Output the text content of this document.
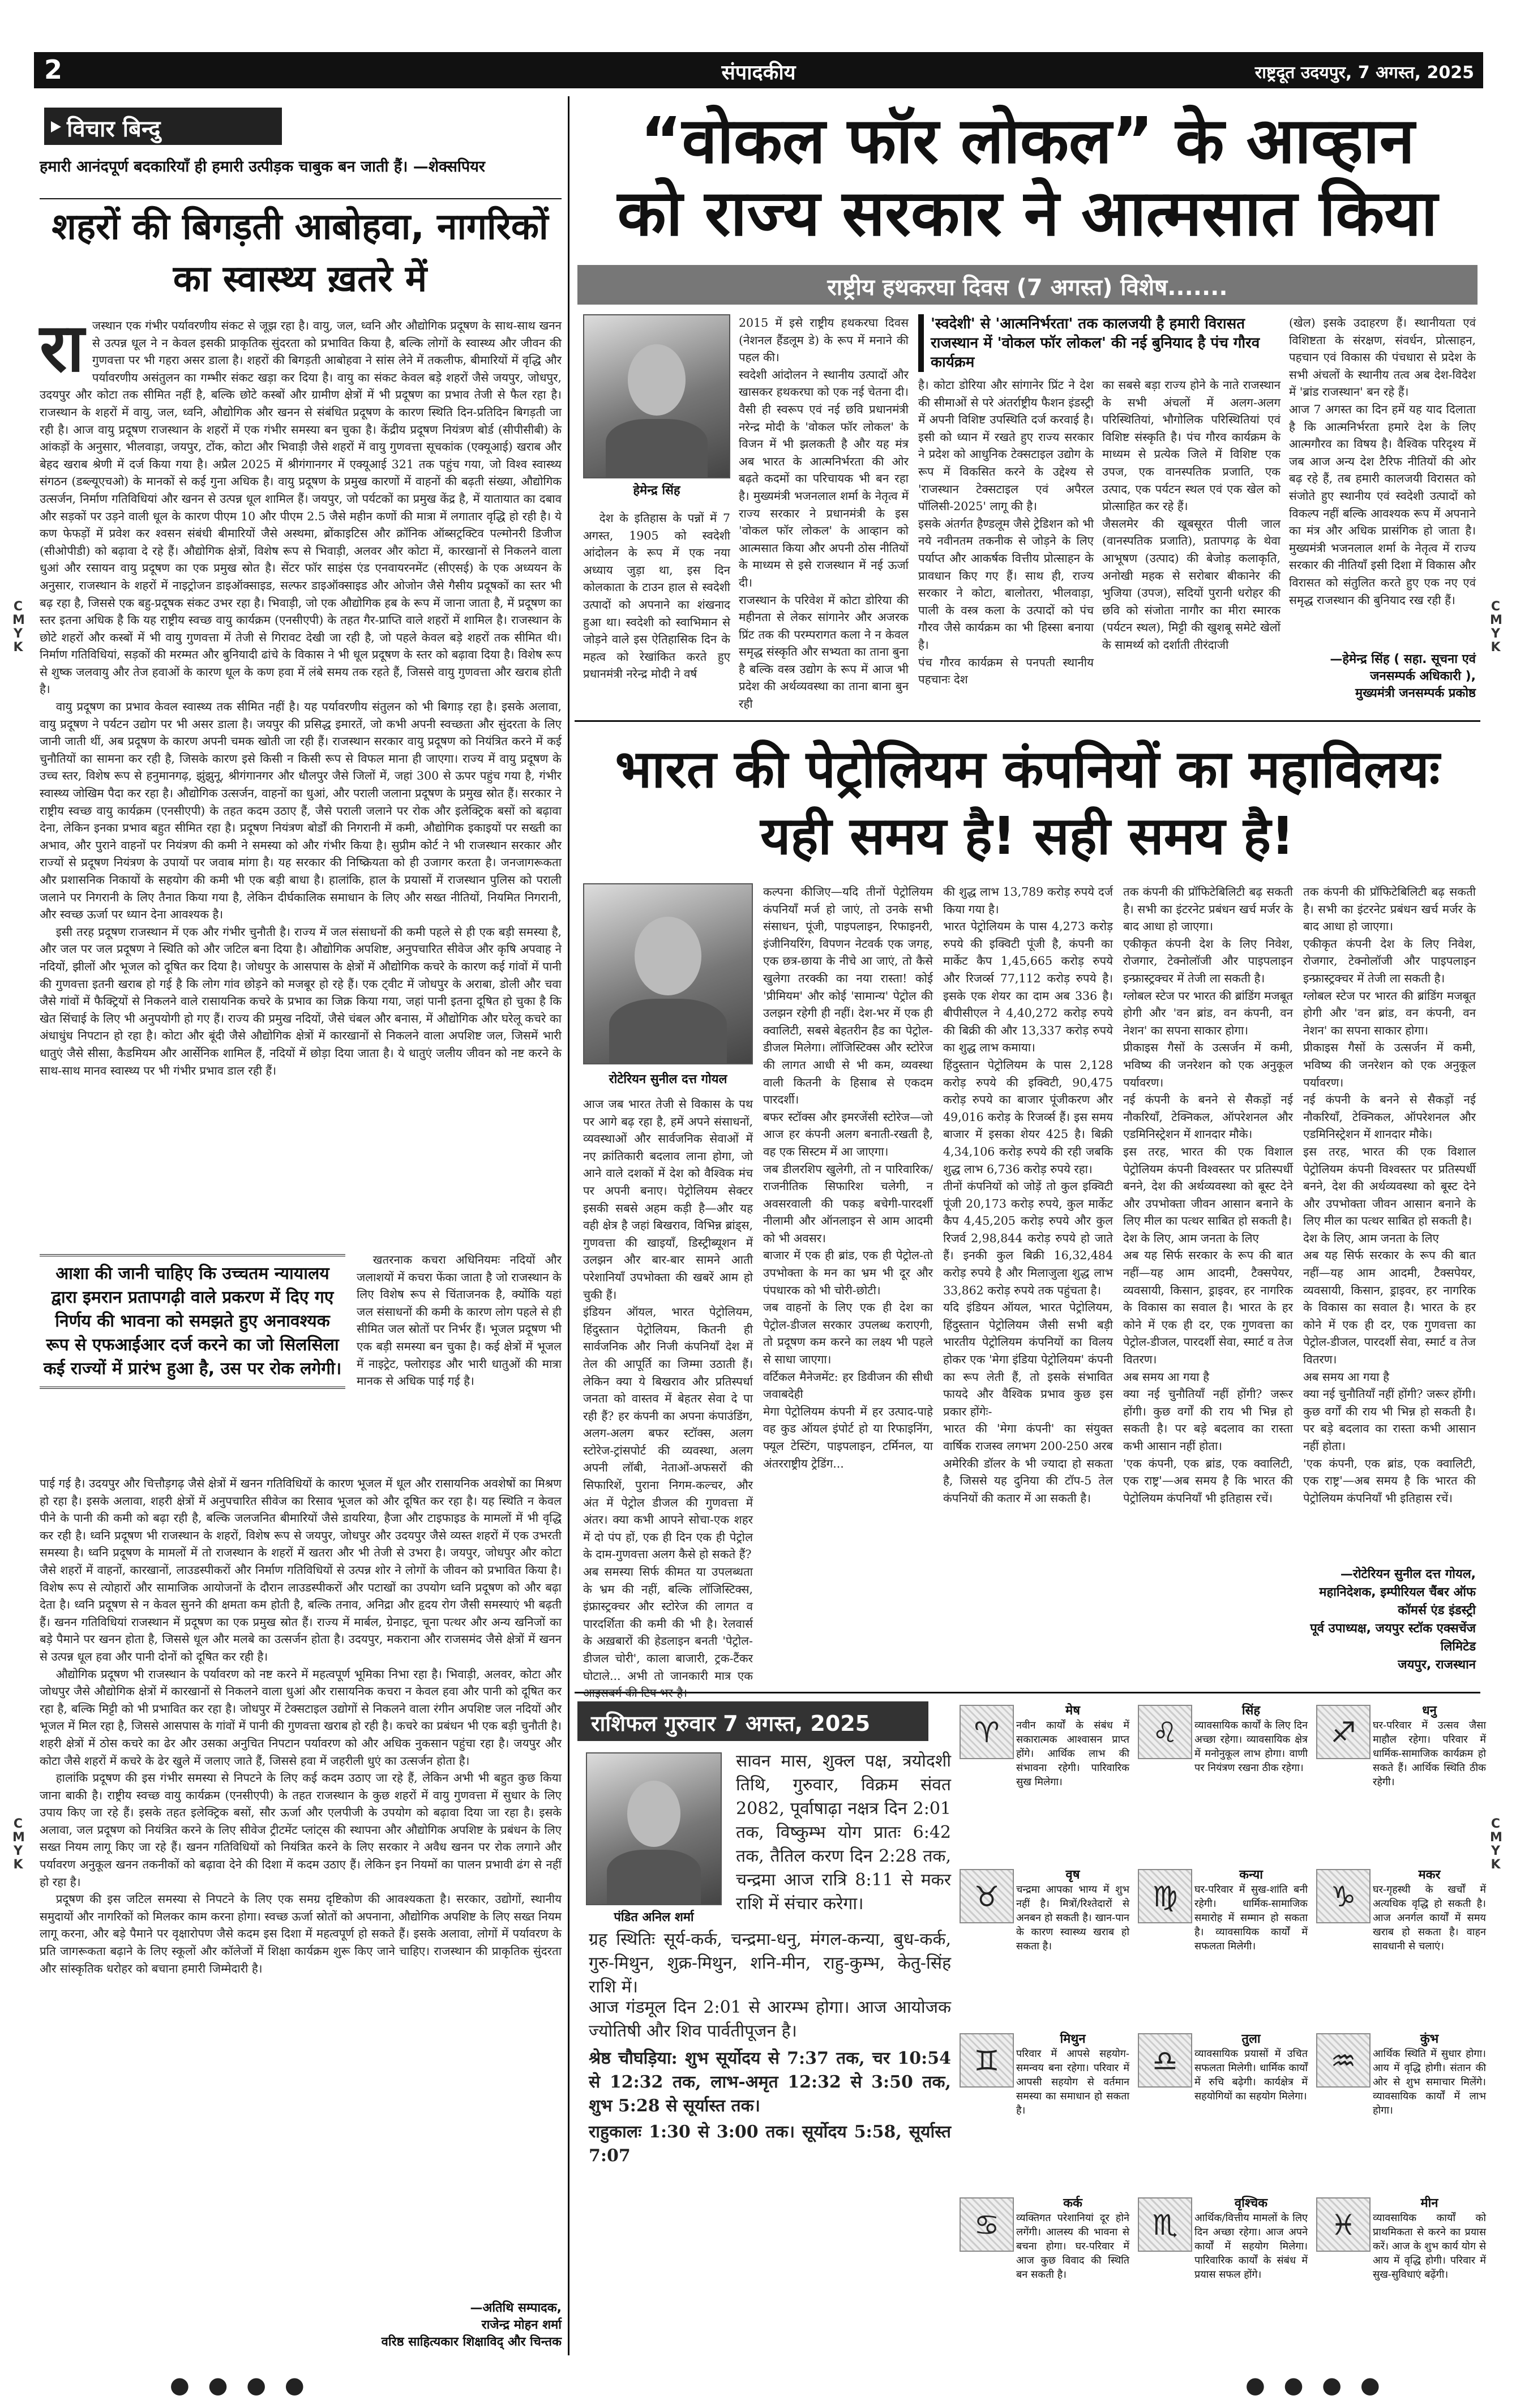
2	संपादकीय	राष्ट्रदूत उदयपुर, 7 अगस्त, 2025
C M Y K
C M Y K
C M Y K
C M Y K
विचार बिन्दु
हमारी आनंदपूर्ण बदकारियाँ ही हमारी उत्पीड़क चाबुक बन जाती हैं। —शेक्सपियर
शहरों की बिगड़ती आबोहवा, नागरिकों का स्वास्थ्य ख़तरे में
रा जस्थान एक गंभीर पर्यावरणीय संकट से जूझ रहा है। वायु, जल, ध्वनि और औद्योगिक प्रदूषण के साथ-साथ खनन से उत्पन्न धूल ने न केवल इसकी प्राकृतिक सुंदरता को प्रभावित किया है, बल्कि लोगों के स्वास्थ्य और जीवन की गुणवत्ता पर भी गहरा असर डाला है। शहरों की बिगड़ती आबोहवा ने सांस लेने में तकलीफ, बीमारियों में वृद्धि और पर्यावरणीय असंतुलन का गम्भीर संकट खड़ा कर दिया है। वायु का संकट केवल बड़े शहरों जैसे जयपुर, जोधपुर, उदयपुर और कोटा तक सीमित नहीं है, बल्कि छोटे कस्बों और ग्रामीण क्षेत्रों में भी प्रदूषण का प्रभाव तेजी से फैल रहा है। राजस्थान के शहरों में वायु, जल, ध्वनि, औद्योगिक और खनन से संबंधित प्रदूषण के कारण स्थिति दिन-प्रतिदिन बिगड़ती जा रही है। आज वायु प्रदूषण राजस्थान के शहरों में एक गंभीर समस्या बन चुका है। केंद्रीय प्रदूषण नियंत्रण बोर्ड (सीपीसीबी) के आंकड़ों के अनुसार, भीलवाड़ा, जयपुर, टोंक, कोटा और भिवाड़ी जैसे शहरों में वायु गुणवत्ता सूचकांक (एक्यूआई) खराब और बेहद खराब श्रेणी में दर्ज किया गया है। अप्रैल 2025 में श्रीगंगानगर में एक्यूआई 321 तक पहुंच गया, जो विश्व स्वास्थ्य संगठन (डब्ल्यूएचओ) के मानकों से कई गुना अधिक है। वायु प्रदूषण के प्रमुख कारणों में वाहनों की बढ़ती संख्या, औद्योगिक उत्सर्जन, निर्माण गतिविधियां और खनन से उत्पन्न धूल शामिल हैं। जयपुर, जो पर्यटकों का प्रमुख केंद्र है, में यातायात का दबाव और सड़कों पर उड़ने वाली धूल के कारण पीएम 10 और पीएम 2.5 जैसे महीन कणों की मात्रा में लगातार वृद्धि हो रही है। ये कण फेफड़ों में प्रवेश कर श्वसन संबंधी बीमारियों जैसे अस्थमा, ब्रोंकाइटिस और क्रॉनिक ऑब्सट्रक्टिव पल्मोनरी डिजीज (सीओपीडी) को बढ़ावा दे रहे हैं। औद्योगिक क्षेत्रों, विशेष रूप से भिवाड़ी, अलवर और कोटा में, कारखानों से निकलने वाला धुआं और रसायन वायु प्रदूषण का एक प्रमुख स्रोत है। सेंटर फॉर साइंस एंड एनवायरनमेंट (सीएसई) के एक अध्ययन के अनुसार, राजस्थान के शहरों में नाइट्रोजन डाइऑक्साइड, सल्फर डाइऑक्साइड और ओजोन जैसे गैसीय प्रदूषकों का स्तर भी बढ़ रहा है, जिससे एक बहु-प्रदूषक संकट उभर रहा है। भिवाड़ी, जो एक औद्योगिक हब के रूप में जाना जाता है, में प्रदूषण का स्तर इतना अधिक है कि यह राष्ट्रीय स्वच्छ वायु कार्यक्रम (एनसीएपी) के तहत गैर-प्राप्ति वाले शहरों में शामिल है। राजस्थान के छोटे शहरों और कस्बों में भी वायु गुणवत्ता में तेजी से गिरावट देखी जा रही है, जो पहले केवल बड़े शहरों तक सीमित थी। निर्माण गतिविधियां, सड़कों की मरम्मत और बुनियादी ढांचे के विकास ने भी धूल प्रदूषण के स्तर को बढ़ावा दिया है। विशेष रूप से शुष्क जलवायु और तेज हवाओं के कारण धूल के कण हवा में लंबे समय तक रहते हैं, जिससे वायु गुणवत्ता और खराब होती है।

वायु प्रदूषण का प्रभाव केवल स्वास्थ्य तक सीमित नहीं है। यह पर्यावरणीय संतुलन को भी बिगाड़ रहा है। इसके अलावा, वायु प्रदूषण ने पर्यटन उद्योग पर भी असर डाला है। जयपुर की प्रसिद्ध इमारतें, जो कभी अपनी स्वच्छता और सुंदरता के लिए जानी जाती थीं, अब प्रदूषण के कारण अपनी चमक खोती जा रही हैं। राजस्थान सरकार वायु प्रदूषण को नियंत्रित करने में कई चुनौतियों का सामना कर रही है, जिसके कारण इसे किसी न किसी रूप से विफल माना ही जाएगा। राज्य में वायु प्रदूषण के उच्च स्तर, विशेष रूप से हनुमानगढ़, झुंझुनू, श्रीगंगानगर और धौलपुर जैसे जिलों में, जहां 300 से ऊपर पहुंच गया है, गंभीर स्वास्थ्य जोखिम पैदा कर रहा है। औद्योगिक उत्सर्जन, वाहनों का धुआं, और पराली जलाना प्रदूषण के प्रमुख स्रोत हैं। सरकार ने राष्ट्रीय स्वच्छ वायु कार्यक्रम (एनसीएपी) के तहत कदम उठाए हैं, जैसे पराली जलाने पर रोक और इलेक्ट्रिक बसों को बढ़ावा देना, लेकिन इनका प्रभाव बहुत सीमित रहा है। प्रदूषण नियंत्रण बोर्डों की निगरानी में कमी, औद्योगिक इकाइयों पर सख्ती का अभाव, और पुराने वाहनों पर नियंत्रण की कमी ने समस्या को और गंभीर किया है। सुप्रीम कोर्ट ने भी राजस्थान सरकार और राज्यों से प्रदूषण नियंत्रण के उपायों पर जवाब मांगा है। यह सरकार की निष्क्रियता को ही उजागर करता है। जनजागरूकता और प्रशासनिक निकायों के सहयोग की कमी भी एक बड़ी बाधा है। हालांकि, हाल के प्रयासों में राजस्थान पुलिस को पराली जलाने पर निगरानी के लिए तैनात किया गया है, लेकिन दीर्घकालिक समाधान के लिए और सख्त नीतियों, नियमित निगरानी, और स्वच्छ ऊर्जा पर ध्यान देना आवश्यक है।

इसी तरह प्रदूषण राजस्थान में एक और गंभीर चुनौती है। राज्य में जल संसाधनों की कमी पहले से ही एक बड़ी समस्या है, और जल पर जल प्रदूषण ने स्थिति को और जटिल बना दिया है। औद्योगिक अपशिष्ट, अनुपचारित सीवेज और कृषि अपवाह ने नदियों, झीलों और भूजल को दूषित कर दिया है। जोधपुर के आसपास के क्षेत्रों में औद्योगिक कचरे के कारण कई गांवों में पानी की गुणवत्ता इतनी खराब हो गई है कि लोग गांव छोड़ने को मजबूर हो रहे हैं। एक ट्वीट में जोधपुर के अराबा, डोली और चवा जैसे गांवों में फैक्ट्रियों से निकलने वाले रासायनिक कचरे के प्रभाव का जिक्र किया गया, जहां पानी इतना दूषित हो चुका है कि खेत सिंचाई के लिए भी अनुपयोगी हो गए हैं। राज्य की प्रमुख नदियों, जैसे चंबल और बनास, में औद्योगिक और घरेलू कचरे का अंधाधुंध निपटान हो रहा है। कोटा और बूंदी जैसे औद्योगिक क्षेत्रों में कारखानों से निकलने वाला अपशिष्ट जल, जिसमें भारी धातुएं जैसे सीसा, कैडमियम और आर्सेनिक शामिल हैं, नदियों में छोड़ा दिया जाता है। ये धातुएं जलीय जीवन को नष्ट करने के साथ-साथ मानव स्वास्थ्य पर भी गंभीर प्रभाव डाल रही हैं।

आशा की जानी चाहिए कि उच्चतम न्यायालय द्वारा इमरान प्रतापगढ़ी वाले प्रकरण में दिए गए निर्णय की भावना को समझते हुए अनावश्यक रूप से एफआईआर दर्ज करने का जो सिलसिला कई राज्यों में प्रारंभ हुआ है, उस पर रोक लगेगी।

खतरनाक कचरा अधिनियमः नदियों और जलाशयों में कचरा फेंका जाता है जो राजस्थान के लिए विशेष रूप से चिंताजनक है, क्योंकि यहां जल संसाधनों की कमी के कारण लोग पहले से ही सीमित जल स्रोतों पर निर्भर हैं। भूजल प्रदूषण भी एक बड़ी समस्या बन चुका है। कई क्षेत्रों में भूजल में नाइट्रेट, फ्लोराइड और भारी धातुओं की मात्रा मानक से अधिक पाई गई है।

पाई गई है। उदयपुर और चित्तौड़गढ़ जैसे क्षेत्रों में खनन गतिविधियों के कारण भूजल में धूल और रासायनिक अवशेषों का मिश्रण हो रहा है। इसके अलावा, शहरी क्षेत्रों में अनुपचारित सीवेज का रिसाव भूजल को और दूषित कर रहा है। यह स्थिति न केवल पीने के पानी की कमी को बढ़ा रही है, बल्कि जलजनित बीमारियों जैसे डायरिया, हैजा और टाइफाइड के मामलों में भी वृद्धि कर रही है। ध्वनि प्रदूषण भी राजस्थान के शहरों, विशेष रूप से जयपुर, जोधपुर और उदयपुर जैसे व्यस्त शहरों में एक उभरती समस्या है। ध्वनि प्रदूषण के मामलों में तो राजस्थान के शहरों में खतरा और भी तेजी से उभरा है। जयपुर, जोधपुर और कोटा जैसे शहरों में वाहनों, कारखानों, लाउडस्पीकरों और निर्माण गतिविधियों से उत्पन्न शोर ने लोगों के जीवन को प्रभावित किया है। विशेष रूप से त्योहारों और सामाजिक आयोजनों के दौरान लाउडस्पीकरों और पटाखों का उपयोग ध्वनि प्रदूषण को और बढ़ा देता है। ध्वनि प्रदूषण से न केवल सुनने की क्षमता कम होती है, बल्कि तनाव, अनिद्रा और हृदय रोग जैसी समस्याएं भी बढ़ती हैं। खनन गतिविधियां राजस्थान में प्रदूषण का एक प्रमुख स्रोत हैं। राज्य में मार्बल, ग्रेनाइट, चूना पत्थर और अन्य खनिजों का बड़े पैमाने पर खनन होता है, जिससे धूल और मलबे का उत्सर्जन होता है। उदयपुर, मकराना और राजसमंद जैसे क्षेत्रों में खनन से उत्पन्न धूल हवा और पानी दोनों को दूषित कर रही है।

औद्योगिक प्रदूषण भी राजस्थान के पर्यावरण को नष्ट करने में महत्वपूर्ण भूमिका निभा रहा है। भिवाड़ी, अलवर, कोटा और जोधपुर जैसे औद्योगिक क्षेत्रों में कारखानों से निकलने वाला धुआं और रासायनिक कचरा न केवल हवा और पानी को दूषित कर रहा है, बल्कि मिट्टी को भी प्रभावित कर रहा है। जोधपुर में टेक्सटाइल उद्योगों से निकलने वाला रंगीन अपशिष्ट जल नदियों और भूजल में मिल रहा है, जिससे आसपास के गांवों में पानी की गुणवत्ता खराब हो रही है। कचरे का प्रबंधन भी एक बड़ी चुनौती है। शहरी क्षेत्रों में ठोस कचरे का ढेर और उसका अनुचित निपटान पर्यावरण को और अधिक नुकसान पहुंचा रहा है। जयपुर और कोटा जैसे शहरों में कचरे के ढेर खुले में जलाए जाते हैं, जिससे हवा में जहरीली धुएं का उत्सर्जन होता है।

हालांकि प्रदूषण की इस गंभीर समस्या से निपटने के लिए कई कदम उठाए जा रहे हैं, लेकिन अभी भी बहुत कुछ किया जाना बाकी है। राष्ट्रीय स्वच्छ वायु कार्यक्रम (एनसीएपी) के तहत राजस्थान के कुछ शहरों में वायु गुणवत्ता में सुधार के लिए उपाय किए जा रहे हैं। इसके तहत इलेक्ट्रिक बसों, सौर ऊर्जा और एलपीजी के उपयोग को बढ़ावा दिया जा रहा है। इसके अलावा, जल प्रदूषण को नियंत्रित करने के लिए सीवेज ट्रीटमेंट प्लांट्स की स्थापना और औद्योगिक अपशिष्ट के प्रबंधन के लिए सख्त नियम लागू किए जा रहे हैं। खनन गतिविधियों को नियंत्रित करने के लिए सरकार ने अवैध खनन पर रोक लगाने और पर्यावरण अनुकूल खनन तकनीकों को बढ़ावा देने की दिशा में कदम उठाए हैं। लेकिन इन नियमों का पालन प्रभावी ढंग से नहीं हो रहा है।

प्रदूषण की इस जटिल समस्या से निपटने के लिए एक समग्र दृष्टिकोण की आवश्यकता है। सरकार, उद्योगों, स्थानीय समुदायों और नागरिकों को मिलकर काम करना होगा। स्वच्छ ऊर्जा स्रोतों को अपनाना, औद्योगिक अपशिष्ट के लिए सख्त नियम लागू करना, और बड़े पैमाने पर वृक्षारोपण जैसे कदम इस दिशा में महत्वपूर्ण हो सकते हैं। इसके अलावा, लोगों में पर्यावरण के प्रति जागरूकता बढ़ाने के लिए स्कूलों और कॉलेजों में शिक्षा कार्यक्रम शुरू किए जाने चाहिए। राजस्थान की प्राकृतिक सुंदरता और सांस्कृतिक धरोहर को बचाना हमारी जिम्मेदारी है।

—अतिथि सम्पादक,
राजेन्द्र मोहन शर्मा
वरिष्ठ साहित्यकार शिक्षाविद् और चिन्तक
“वोकल फॉर लोकल” के आव्हान
को राज्य सरकार ने आत्मसात किया
राष्ट्रीय हथकरघा दिवस (7 अगस्त) विशेष.......
हेमेन्द्र सिंह

देश के इतिहास के पन्नों में 7 अगस्त, 1905 को स्वदेशी आंदोलन के रूप में एक नया अध्याय जुड़ा था, इस दिन कोलकाता के टाउन हाल से स्वदेशी उत्पादों को अपनाने का शंखनाद हुआ था। स्वदेशी को स्वाभिमान से जोड़ने वाले इस ऐतिहासिक दिन के महत्व को रेखांकित करते हुए प्रधानमंत्री नरेन्द्र मोदी ने वर्ष

2015 में इसे राष्ट्रीय हथकरघा दिवस (नेशनल हैंडलूम डे) के रूप में मनाने की पहल की।
स्वदेशी आंदोलन ने स्थानीय उत्पादों और खासकर हथकरघा को एक नई चेतना दी। वैसी ही स्वरूप एवं नई छवि प्रधानमंत्री नरेन्द्र मोदी के 'वोकल फॉर लोकल' के विजन में भी झलकती है और यह मंत्र अब भारत के आत्मनिर्भरता की ओर बढ़ते कदमों का परिचायक भी बन रहा है। मुख्यमंत्री भजनलाल शर्मा के नेतृत्व में राज्य सरकार ने प्रधानमंत्री के इस 'वोकल फॉर लोकल' के आव्हान को आत्मसात किया और अपनी ठोस नीतियों के माध्यम से इसे राजस्थान में नई ऊर्जा दी।
राजस्थान के परिवेश में कोटा डोरिया की महीनता से लेकर सांगानेर और अजरक प्रिंट तक की परम्परागत कला ने न केवल समृद्ध संस्कृति और सभ्यता का ताना बुना है बल्कि वस्त्र उद्योग के रूप में आज भी प्रदेश की अर्थव्यवस्था का ताना बाना बुन रही
'स्वदेशी' से 'आत्मनिर्भरता' तक कालजयी है हमारी विरासत राजस्थान में 'वोकल फॉर लोकल' की नई बुनियाद है पंच गौरव कार्यक्रम
है। कोटा डोरिया और सांगानेर प्रिंट ने देश की सीमाओं से परे अंतर्राष्ट्रीय फैशन इंडस्ट्री में अपनी विशिष्ट उपस्थिति दर्ज करवाई है। इसी को ध्यान में रखते हुए राज्य सरकार ने प्रदेश को आधुनिक टेक्सटाइल उद्योग के रूप में विकसित करने के उद्देश्य से 'राजस्थान टेक्सटाइल एवं अपैरल पॉलिसी-2025' लागू की है।
इसके अंतर्गत हैण्डलूम जैसे ट्रेडिशन को भी नये नवीनतम तकनीक से जोड़ने के लिए पर्याप्त और आकर्षक वित्तीय प्रोत्साहन के प्रावधान किए गए हैं। साथ ही, राज्य सरकार ने कोटा, बालोतरा, भीलवाड़ा, पाली के वस्त्र कला के उत्पादों को पंच गौरव जैसे कार्यक्रम का भी हिस्सा बनाया है।
पंच गौरव कार्यक्रम से पनपती स्थानीय पहचानः देश
का सबसे बड़ा राज्य होने के नाते राजस्थान के सभी अंचलों में अलग-अलग परिस्थितियां, भौगोलिक परिस्थितियां एवं विशिष्ट संस्कृति है। पंच गौरव कार्यक्रम के माध्यम से प्रत्येक जिले में विशिष्ट एक उपज, एक वानस्पतिक प्रजाति, एक उत्पाद, एक पर्यटन स्थल एवं एक खेल को प्रोत्साहित कर रहे हैं।
जैसलमेर की खूबसूरत पीली जाल (वानस्पतिक प्रजाति), प्रतापगढ़ के थेवा आभूषण (उत्पाद) की बेजोड़ कलाकृति, अनोखी महक से सरोबार बीकानेर की भुजिया (उपज), सदियों पुरानी धरोहर की छवि को संजोता नागौर का मीरा स्मारक (पर्यटन स्थल), मिट्टी की खुशबू समेटे खेलों के सामर्थ्य को दर्शाती तीरंदाजी
(खेल) इसके उदाहरण हैं। स्थानीयता एवं विशिष्टता के संरक्षण, संवर्धन, प्रोत्साहन, पहचान एवं विकास की पंचधारा से प्रदेश के सभी अंचलों के स्थानीय तत्व अब देश-विदेश में 'ब्रांड राजस्थान' बन रहे हैं।
आज 7 अगस्त का दिन हमें यह याद दिलाता है कि आत्मनिर्भरता हमारे देश के लिए आत्मगौरव का विषय है। वैश्विक परिदृश्य में जब आज अन्य देश टैरिफ नीतियों की ओर बढ़ रहे हैं, तब हमारी कालजयी विरासत को संजोते हुए स्थानीय एवं स्वदेशी उत्पादों को विकल्प नहीं बल्कि आवश्यक रूप में अपनाने का मंत्र और अधिक प्रासंगिक हो जाता है। मुख्यमंत्री भजनलाल शर्मा के नेतृत्व में राज्य सरकार की नीतियाँ इसी दिशा में विकास और विरासत को संतुलित करते हुए एक नए एवं समृद्ध राजस्थान की बुनियाद रख रही हैं।
—हेमेन्द्र सिंह ( सहा. सूचना एवं जनसम्पर्क अधिकारी ),
मुख्यमंत्री जनसम्पर्क प्रकोष्ठ
भारत की पेट्रोलियम कंपनियों का महाविलयः
यही समय है! सही समय है!
रोटेरियन सुनील दत्त गोयल
आज जब भारत तेजी से विकास के पथ पर आगे बढ़ रहा है, हमें अपने संसाधनों, व्यवस्थाओं और सार्वजनिक सेवाओं में नए क्रांतिकारी बदलाव लाना होगा, जो आने वाले दशकों में देश को वैश्विक मंच पर अपनी बनाए। पेट्रोलियम सेक्टर इसकी सबसे अहम कड़ी है—और यह वही क्षेत्र है जहां बिखराव, विभिन्न ब्रांड्स, गुणवत्ता की खाइयाँ, डिस्ट्रीब्यूशन में उलझन और बार-बार सामने आती परेशानियाँ उपभोक्ता की खबरें आम हो चुकी हैं।
इंडियन ऑयल, भारत पेट्रोलियम, हिंदुस्तान पेट्रोलियम, कितनी ही सार्वजनिक और निजी कंपनियाँ देश में तेल की आपूर्ति का जिम्मा उठाती हैं। लेकिन क्या ये बिखराव और प्रतिस्पर्धा जनता को वास्तव में बेहतर सेवा दे पा रही हैं? हर कंपनी का अपना कंपाउंडिंग, अलग-अलग बफर स्टॉक्स, अलग स्टोरेज-ट्रांसपोर्ट की व्यवस्था, अलग अपनी लॉबी, नेताओं-अफसरों की सिफारिशें, पुराना निगम-कल्चर, और अंत में पेट्रोल डीजल की गुणवत्ता में अंतर। क्या कभी आपने सोचा-एक शहर में दो पंप हों, एक ही दिन एक ही पेट्रोल के दाम-गुणवत्ता अलग कैसे हो सकते हैं?
अब समस्या सिर्फ कीमत या उपलब्धता के भ्रम की नहीं, बल्कि लॉजिस्टिक्स, इंफ्रास्ट्रक्चर और स्टोरेज की लागत व पारदर्शिता की कमी की भी है। रेलवार्स के अख़बारों की हेडलाइन बनती 'पेट्रोल-डीजल चोरी', काला बाजारी, ट्रक-टैंकर घोटाले... अभी तो जानकारी मात्र एक आइसबर्ग की टिप भर है।
कल्पना कीजिए—यदि तीनों पेट्रोलियम कंपनियाँ मर्ज हो जाएं, तो उनके सभी संसाधन, पूंजी, पाइपलाइन, रिफाइनरी, इंजीनियरिंग, विपणन नेटवर्क एक जगह, एक छत्र-छाया के नीचे आ जाएं, तो कैसे खुलेगा तरक्की का नया रास्ता! कोई 'प्रीमियम' और कोई 'सामान्य' पेट्रोल की उलझन रहेगी ही नहीं। देश-भर में एक ही क्वालिटी, सबसे बेहतरीन हैड का पेट्रोल-डीजल मिलेगा। लॉजिस्टिक्स और स्टोरेज की लागत आधी से भी कम, व्यवस्था वाली कितनी के हिसाब से एकदम पारदर्शी।
बफर स्टॉक्स और इमरजेंसी स्टोरेज—जो आज हर कंपनी अलग बनाती-रखती है, वह एक सिस्टम में आ जाएगा।
जब डीलरशिप खुलेगी, तो न पारिवारिक/राजनीतिक सिफारिश चलेगी, न अवसरवाली की पकड़ बचेगी-पारदर्शी नीलामी और ऑनलाइन से आम आदमी को भी अवसर।
बाजार में एक ही ब्रांड, एक ही पेट्रोल-तो उपभोक्ता के मन का भ्रम भी दूर और पंपधारक को भी चोरी-छोटी।
जब वाहनों के लिए एक ही देश का पेट्रोल-डीजल सरकार उपलब्ध कराएगी, तो प्रदूषण कम करने का लक्ष्य भी पहले से साधा जाएगा।
वर्टिकल मैनेजमेंट: हर डिवीजन की सीधी जवाबदेही
मेगा पेट्रोलियम कंपनी में हर उत्पाद-पाहे वह कुड ऑयल इंपोर्ट हो या रिफाइनिंग, फ्यूल टेस्टिंग, पाइपलाइन, टर्मिनल, या अंतरराष्ट्रीय ट्रेडिंग...
की शुद्ध लाभ 13,789 करोड़ रुपये दर्ज किया गया है।
भारत पेट्रोलियम के पास 4,273 करोड़ रुपये की इक्विटी पूंजी है, कंपनी का मार्केट कैप 1,45,665 करोड़ रुपये और रिजर्व्स 77,112 करोड़ रुपये है। इसके एक शेयर का दाम अब 336 है। बीपीसीएल ने 4,40,272 करोड़ रुपये की बिक्री की और 13,337 करोड़ रुपये का शुद्ध लाभ कमाया।
हिंदुस्तान पेट्रोलियम के पास 2,128 करोड़ रुपये की इक्विटी, 90,475 करोड़ रुपये का बाजार पूंजीकरण और 49,016 करोड़ के रिजर्व्स हैं। इस समय बाजार में इसका शेयर 425 है। बिक्री 4,34,106 करोड़ रुपये की रही जबकि शुद्ध लाभ 6,736 करोड़ रुपये रहा।
तीनों कंपनियों को जोड़ें तो कुल इक्विटी पूंजी 20,173 करोड़ रुपये, कुल मार्केट कैप 4,45,205 करोड़ रुपये और कुल रिजर्व 2,98,844 करोड़ रुपये हो जाते हैं। इनकी कुल बिक्री 16,32,484 करोड़ रुपये है और मिलाजुला शुद्ध लाभ 33,862 करोड़ रुपये तक पहुंचता है।
यदि इंडियन ऑयल, भारत पेट्रोलियम, हिंदुस्तान पेट्रोलियम जैसी सभी बड़ी भारतीय पेट्रोलियम कंपनियों का विलय होकर एक 'मेगा इंडिया पेट्रोलियम' कंपनी का रूप लेती हैं, तो इसके संभावित फायदे और वैश्विक प्रभाव कुछ इस प्रकार होंगेः-
भारत की 'मेगा कंपनी' का संयुक्त वार्षिक राजस्व लगभग 200-250 अरब अमेरिकी डॉलर के भी ज्यादा हो सकता है, जिससे यह दुनिया की टॉप-5 तेल कंपनियों की कतार में आ सकती है।
तक कंपनी की प्रॉफिटेबिलिटी बढ़ सकती है। सभी का इंटरनेट प्रबंधन खर्च मर्जर के बाद आधा हो जाएगा।
एकीकृत कंपनी देश के लिए निवेश, रोजगार, टेक्नोलॉजी और पाइपलाइन इन्फ्रास्ट्रक्चर में तेजी ला सकती है।
ग्लोबल स्टेज पर भारत की ब्रांडिंग मजबूत होगी और 'वन ब्रांड, वन कंपनी, वन नेशन' का सपना साकार होगा।
प्रीकाइस गैसों के उत्सर्जन में कमी, भविष्य की जनरेशन को एक अनुकूल पर्यावरण।
नई कंपनी के बनने से सैकड़ों नई नौकरियाँ, टेक्निकल, ऑपरेशनल और एडमिनिस्ट्रेशन में शानदार मौके।
इस तरह, भारत की एक विशाल पेट्रोलियम कंपनी विश्वस्तर पर प्रतिस्पर्धी बनने, देश की अर्थव्यवस्था को बूस्ट देने और उपभोक्ता जीवन आसान बनाने के लिए मील का पत्थर साबित हो सकती है।
देश के लिए, आम जनता के लिए
अब यह सिर्फ सरकार के रूप की बात नहीं—यह आम आदमी, टैक्सपेयर, व्यवसायी, किसान, ड्राइवर, हर नागरिक के विकास का सवाल है। भारत के हर कोने में एक ही दर, एक गुणवत्ता का पेट्रोल-डीजल, पारदर्शी सेवा, स्मार्ट व तेज वितरण।
अब समय आ गया है
क्या नई चुनौतियाँ नहीं होंगी? जरूर होंगी। कुछ वर्गों की राय भी भिन्न हो सकती है। पर बड़े बदलाव का रास्ता कभी आसान नहीं होता।
'एक कंपनी, एक ब्रांड, एक क्वालिटी, एक राष्ट्र'—अब समय है कि भारत की पेट्रोलियम कंपनियाँ भी इतिहास रचें।
तक कंपनी की प्रॉफिटेबिलिटी बढ़ सकती है। सभी का इंटरनेट प्रबंधन खर्च मर्जर के बाद आधा हो जाएगा।
एकीकृत कंपनी देश के लिए निवेश, रोजगार, टेक्नोलॉजी और पाइपलाइन इन्फ्रास्ट्रक्चर में तेजी ला सकती है।
ग्लोबल स्टेज पर भारत की ब्रांडिंग मजबूत होगी और 'वन ब्रांड, वन कंपनी, वन नेशन' का सपना साकार होगा।
प्रीकाइस गैसों के उत्सर्जन में कमी, भविष्य की जनरेशन को एक अनुकूल पर्यावरण।
नई कंपनी के बनने से सैकड़ों नई नौकरियाँ, टेक्निकल, ऑपरेशनल और एडमिनिस्ट्रेशन में शानदार मौके।
इस तरह, भारत की एक विशाल पेट्रोलियम कंपनी विश्वस्तर पर प्रतिस्पर्धी बनने, देश की अर्थव्यवस्था को बूस्ट देने और उपभोक्ता जीवन आसान बनाने के लिए मील का पत्थर साबित हो सकती है।
देश के लिए, आम जनता के लिए
अब यह सिर्फ सरकार के रूप की बात नहीं—यह आम आदमी, टैक्सपेयर, व्यवसायी, किसान, ड्राइवर, हर नागरिक के विकास का सवाल है। भारत के हर कोने में एक ही दर, एक गुणवत्ता का पेट्रोल-डीजल, पारदर्शी सेवा, स्मार्ट व तेज वितरण।
अब समय आ गया है
क्या नई चुनौतियाँ नहीं होंगी? जरूर होंगी। कुछ वर्गों की राय भी भिन्न हो सकती है। पर बड़े बदलाव का रास्ता कभी आसान नहीं होता।
'एक कंपनी, एक ब्रांड, एक क्वालिटी, एक राष्ट्र'—अब समय है कि भारत की पेट्रोलियम कंपनियाँ भी इतिहास रचें।
—रोटेरियन सुनील दत्त गोयल,
महानिदेशक, इम्पीरियल चैंबर ऑफ कॉमर्स एंड इंडस्ट्री
पूर्व उपाध्यक्ष, जयपुर स्टॉक एक्सचेंज लिमिटेड
जयपुर, राजस्थान
राशिफल गुरुवार 7 अगस्त, 2025
पंडित अनिल शर्मा
सावन मास, शुक्ल पक्ष, त्रयोदशी तिथि, गुरुवार, विक्रम संवत 2082, पूर्वाषाढ़ा नक्षत्र दिन 2:01 तक, विष्कुम्भ योग प्रातः 6:42 तक, तैतिल करण दिन 2:28 तक, चन्द्रमा आज रात्रि 8:11 से मकर राशि में संचार करेगा।
ग्रह स्थितिः सूर्य-कर्क, चन्द्रमा-धनु, मंगल-कन्या, बुध-कर्क, गुरु-मिथुन, शुक्र-मिथुन, शनि-मीन, राहु-कुम्भ, केतु-सिंह राशि में।
आज गंडमूल दिन 2:01 से आरम्भ होगा। आज आयोजक ज्योतिषी और शिव पार्वतीपूजन है।
श्रेष्ठ चौघड़िया: शुभ सूर्योदय से 7:37 तक, चर 10:54 से 12:32 तक, लाभ-अमृत 12:32 से 3:50 तक, शुभ 5:28 से सूर्यास्त तक।
राहुकालः 1:30 से 3:00 तक। सूर्योदय 5:58, सूर्यास्त 7:07
♈
मेष
नवीन कार्यों के संबंध में सकारात्मक आश्वासन प्राप्त होंगे। आर्थिक लाभ की संभावना रहेगी। पारिवारिक सुख मिलेगा।
♉
वृष
चन्द्रमा आपका भाग्य में शुभ नहीं है। मित्रों/रिश्तेदारों से अनबन हो सकती है। खान-पान के कारण स्वास्थ्य खराब हो सकता है।
♊
मिथुन
परिवार में आपसे सहयोग-समन्वय बना रहेगा। परिवार में आपसी सहयोग से वर्तमान समस्या का समाधान हो सकता है।
♋
कर्क
व्यक्तिगत परेशानियां दूर होने लगेंगी। आलस्य की भावना से बचना होगा। घर-परिवार में आज कुछ विवाद की स्थिति बन सकती है।
♌
सिंह
व्यावसायिक कार्यों के लिए दिन अच्छा रहेगा। व्यावसायिक क्षेत्र में मनोनुकूल लाभ होगा। वाणी पर नियंत्रण रखना ठीक रहेगा।
♍
कन्या
घर-परिवार में सुख-शांति बनी रहेगी। धार्मिक-सामाजिक समारोह में सम्मान हो सकता है। व्यावसायिक कार्यों में सफलता मिलेगी।
♎
तुला
व्यावसायिक प्रयासों में उचित सफलता मिलेगी। धार्मिक कार्यों में रुचि बढ़ेगी। कार्यक्षेत्र में सहयोगियों का सहयोग मिलेगा।
♏
वृश्चिक
आर्थिक/वित्तीय मामलों के लिए दिन अच्छा रहेगा। आज अपने कार्यों में सहयोग मिलेगा। पारिवारिक कार्यों के संबंध में प्रयास सफल होंगे।
♐
धनु
घर-परिवार में उत्सव जैसा माहौल रहेगा। परिवार में धार्मिक-सामाजिक कार्यक्रम हो सकते हैं। आर्थिक स्थिति ठीक रहेगी।
♑
मकर
घर-गृहस्थी के खर्चों में अत्यधिक वृद्धि हो सकती है। आज अनर्गल कार्यों में समय खराब हो सकता है। वाहन सावधानी से चलाएं।
♒
कुंभ
आर्थिक स्थिति में सुधार होगा। आय में वृद्धि होगी। संतान की ओर से शुभ समाचार मिलेंगे। व्यावसायिक कार्यों में लाभ होगा।
♓
मीन
व्यावसायिक कार्यों को प्राथमिकता से करने का प्रयास करें। आज के शुभ कार्य योग से आय में वृद्धि होगी। परिवार में सुख-सुविधाएं बढ़ेंगी।
● ● ● ●	● ● ● ●
